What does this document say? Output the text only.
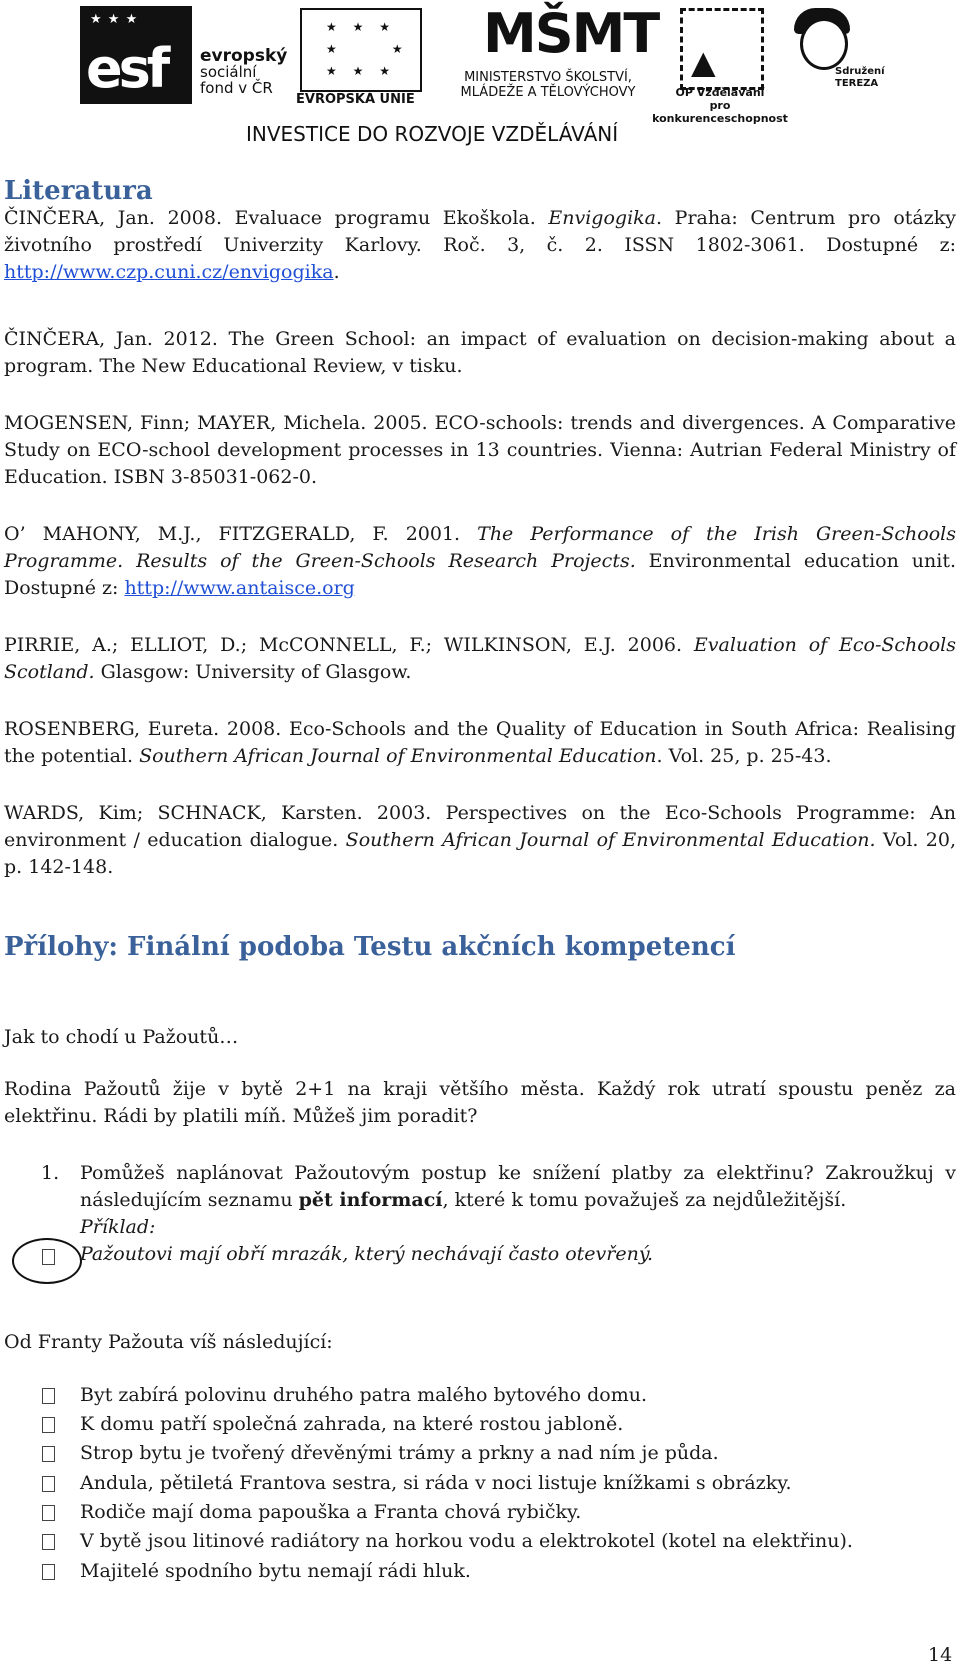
★ ★ ★
esf evropský
sociální
fond v ČR
★ ★ ★
★     ★
★ ★ ★
EVROPSKÁ UNIE
MŠMT
MINISTERSTVO ŠKOLSTVÍ,
MLÁDEŽE A TĚLOVÝCHOVY
▲
OP Vzdělávání
pro konkurenceschopnost
Sdružení
TEREZA
INVESTICE DO ROZVOJE VZDĚLÁVÁNÍ
Literatura

ČINČERA, Jan. 2008. Evaluace programu Ekoškola. Envigogika. Praha: Centrum pro otázky životního prostředí Univerzity Karlovy. Roč. 3, č. 2. ISSN 1802-3061. Dostupné z: http://www.czp.cuni.cz/envigogika.

ČINČERA, Jan. 2012. The Green School: an impact of evaluation on decision-making about a program. The New Educational Review, v tisku.

MOGENSEN, Finn; MAYER, Michela. 2005. ECO-schools: trends and divergences. A Comparative Study on ECO-school development processes in 13 countries. Vienna: Autrian Federal Ministry of Education. ISBN 3-85031-062-0.

O’ MAHONY, M.J., FITZGERALD, F. 2001. The Performance of the Irish Green-Schools Programme. Results of the Green-Schools Research Projects. Environmental education unit. Dostupné z: http://www.antaisce.org

PIRRIE, A.; ELLIOT, D.; McCONNELL, F.; WILKINSON, E.J. 2006. Evaluation of Eco-Schools Scotland. Glasgow: University of Glasgow.

ROSENBERG, Eureta. 2008. Eco-Schools and the Quality of Education in South Africa: Realising the potential. Southern African Journal of Environmental Education. Vol. 25, p. 25-43.

WARDS, Kim; SCHNACK, Karsten. 2003. Perspectives on the Eco-Schools Programme: An environment / education dialogue. Southern African Journal of Environmental Education. Vol. 20, p. 142-148.

Přílohy: Finální podoba Testu akčních kompetencí

Jak to chodí u Pažoutů…

Rodina Pažoutů žije v bytě 2+1 na kraji většího města. Každý rok utratí spoustu peněz za elektřinu. Rádi by platili míň. Můžeš jim poradit?

1. Pomůžeš naplánovat Pažoutovým postup ke snížení platby za elektřinu? Zakroužkuj v následujícím seznamu pět informací, které k tomu považuješ za nejdůležitější.

Příklad:
Pažoutovi mají obří mrazák, který nechávají často otevřený.

Od Franty Pažouta víš následující:

Byt zabírá polovinu druhého patra malého bytového domu.
K domu patří společná zahrada, na které rostou jabloně.
Strop bytu je tvořený dřevěnými trámy a prkny a nad ním je půda.
Andula, pětiletá Frantova sestra, si ráda v noci listuje knížkami s obrázky.
Rodiče mají doma papouška a Franta chová rybičky.
V bytě jsou litinové radiátory na horkou vodu a elektrokotel (kotel na elektřinu).
Majitelé spodního bytu nemají rádi hluk.
14
